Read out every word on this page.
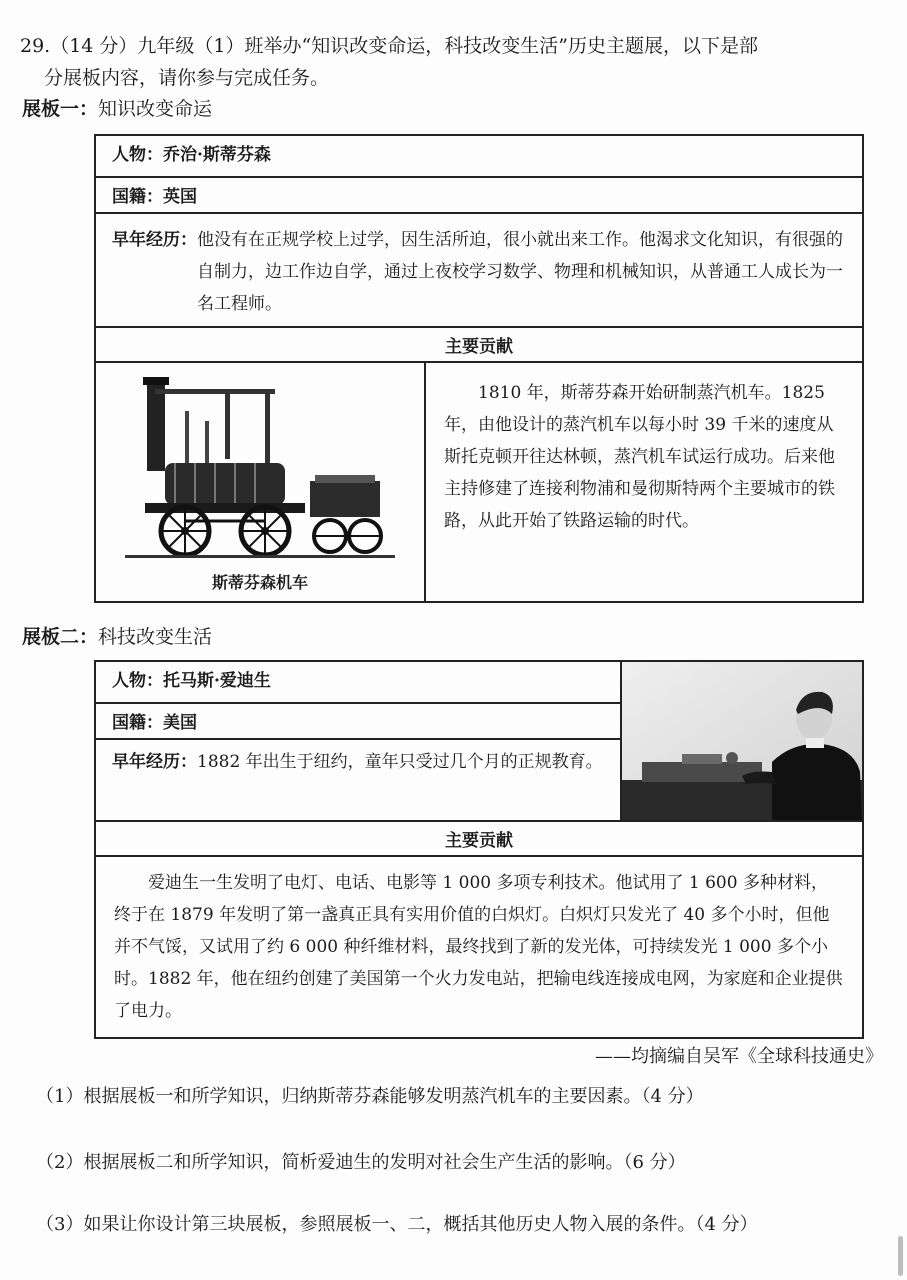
29.（14 分）九年级（1）班举办“知识改变命运，科技改变生活”历史主题展，以下是部
分展板内容，请你参与完成任务。
展板一：知识改变命运
人物：乔治·斯蒂芬森
国籍：英国

早年经历： 他没有在正规学校上过学，因生活所迫，很小就出来工作。他渴求文化知识，有很强的自制力，边工作边自学，通过上夜校学习数学、物理和机械知识，从普通工人成长为一名工程师。

主要贡献

斯蒂芬森机车
	1810 年，斯蒂芬森开始研制蒸汽机车。1825 年，由他设计的蒸汽机车以每小时 39 千米的速度从斯托克顿开往达林顿，蒸汽机车试运行成功。后来他主持修建了连接利物浦和曼彻斯特两个主要城市的铁路，从此开始了铁路运输的时代。
展板二：科技改变生活
人物：托马斯·爱迪生	

国籍：美国

早年经历： 1882 年出生于纽约，童年只受过几个月的正规教育。

主要贡献
爱迪生一生发明了电灯、电话、电影等 1 000 多项专利技术。他试用了 1 600 多种材料，终于在 1879 年发明了第一盏真正具有实用价值的白炽灯。白炽灯只发光了 40 多个小时，但他并不气馁，又试用了约 6 000 种纤维材料，最终找到了新的发光体，可持续发光 1 000 多个小时。1882 年，他在纽约创建了美国第一个火力发电站，把输电线连接成电网，为家庭和企业提供了电力。
——均摘编自吴军《全球科技通史》
（1）根据展板一和所学知识，归纳斯蒂芬森能够发明蒸汽机车的主要因素。（4 分）
（2）根据展板二和所学知识，简析爱迪生的发明对社会生产生活的影响。（6 分）
（3）如果让你设计第三块展板，参照展板一、二，概括其他历史人物入展的条件。（4 分）
